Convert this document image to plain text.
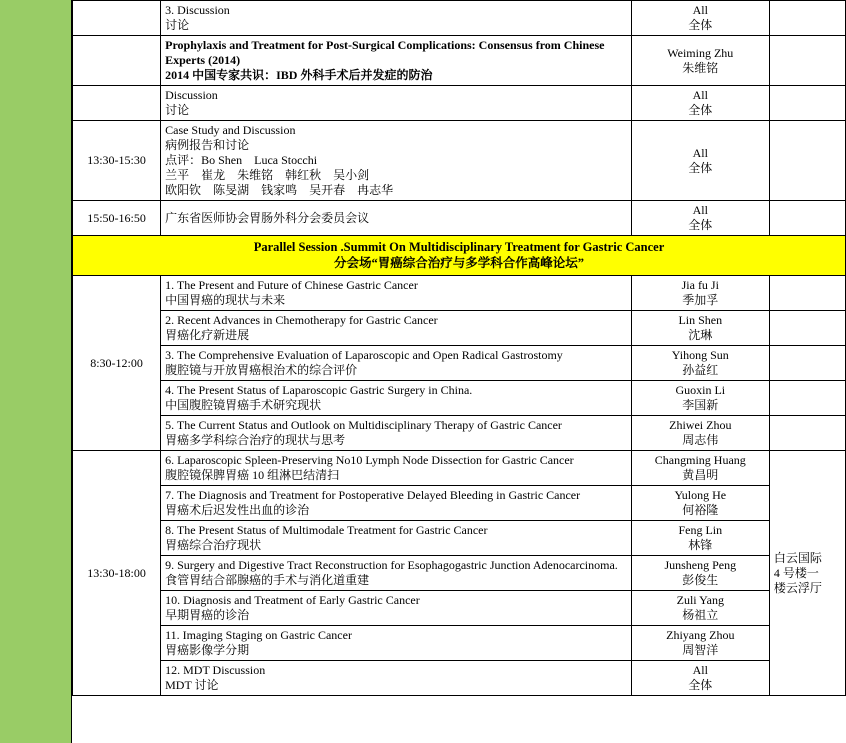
	3. Discussion
讨论	All
全体	

	Prophylaxis and Treatment for Post-Surgical Complications: Consensus from Chinese Experts (2014)
2014 中国专家共识：IBD 外科手术后并发症的防治	Weiming Zhu
朱维铭	

	Discussion
讨论	All
全体	

13:30-15:30	Case Study and Discussion
病例报告和讨论
点评：Bo Shen　Luca Stocchi
兰平　崔龙　朱维铭　韩红秋　吴小剑
欧阳钦　陈旻湖　钱家鸣　吴开春　冉志华	All
全体	

15:50-16:50	广东省医师协会胃肠外科分会委员会议	All
全体	

Parallel Session .Summit On Multidisciplinary Treatment for Gastric Cancer
分会场“胃癌综合治疗与多学科合作高峰论坛”			

8:30-12:00	1. The Present and Future of Chinese Gastric Cancer
中国胃癌的现状与未来	Jia fu Ji
季加孚	

	2. Recent Advances in Chemotherapy for Gastric Cancer
胃癌化疗新进展	Lin Shen
沈琳	

	3. The Comprehensive Evaluation of Laparoscopic and Open Radical Gastrostomy
腹腔镜与开放胃癌根治术的综合评价	Yihong Sun
孙益红	

	4. The Present Status of Laparoscopic Gastric Surgery in China.
中国腹腔镜胃癌手术研究现状	Guoxin Li
李国新	

	5. The Current Status and Outlook on Multidisciplinary Therapy of Gastric Cancer
胃癌多学科综合治疗的现状与思考	Zhiwei Zhou
周志伟	

13:30-18:00	6. Laparoscopic Spleen-Preserving No10 Lymph Node Dissection for Gastric Cancer
腹腔镜保脾胃癌 10 组淋巴结清扫	Changming Huang
黄昌明	白云国际
4 号楼一
楼云浮厅

	7. The Diagnosis and Treatment for Postoperative Delayed Bleeding in Gastric Cancer
胃癌术后迟发性出血的诊治	Yulong He
何裕隆	

	8. The Present Status of Multimodale Treatment for Gastric Cancer
胃癌综合治疗现状	Feng Lin
林锋	

	9. Surgery and Digestive Tract Reconstruction for Esophagogastric Junction Adenocarcinoma.
食管胃结合部腺癌的手术与消化道重建	Junsheng Peng
彭俊生	

	10. Diagnosis and Treatment of Early Gastric Cancer
早期胃癌的诊治	Zuli Yang
杨祖立	

	11. Imaging Staging on Gastric Cancer
胃癌影像学分期	Zhiyang Zhou
周智洋	

	12. MDT Discussion
MDT 讨论	All
全体	
